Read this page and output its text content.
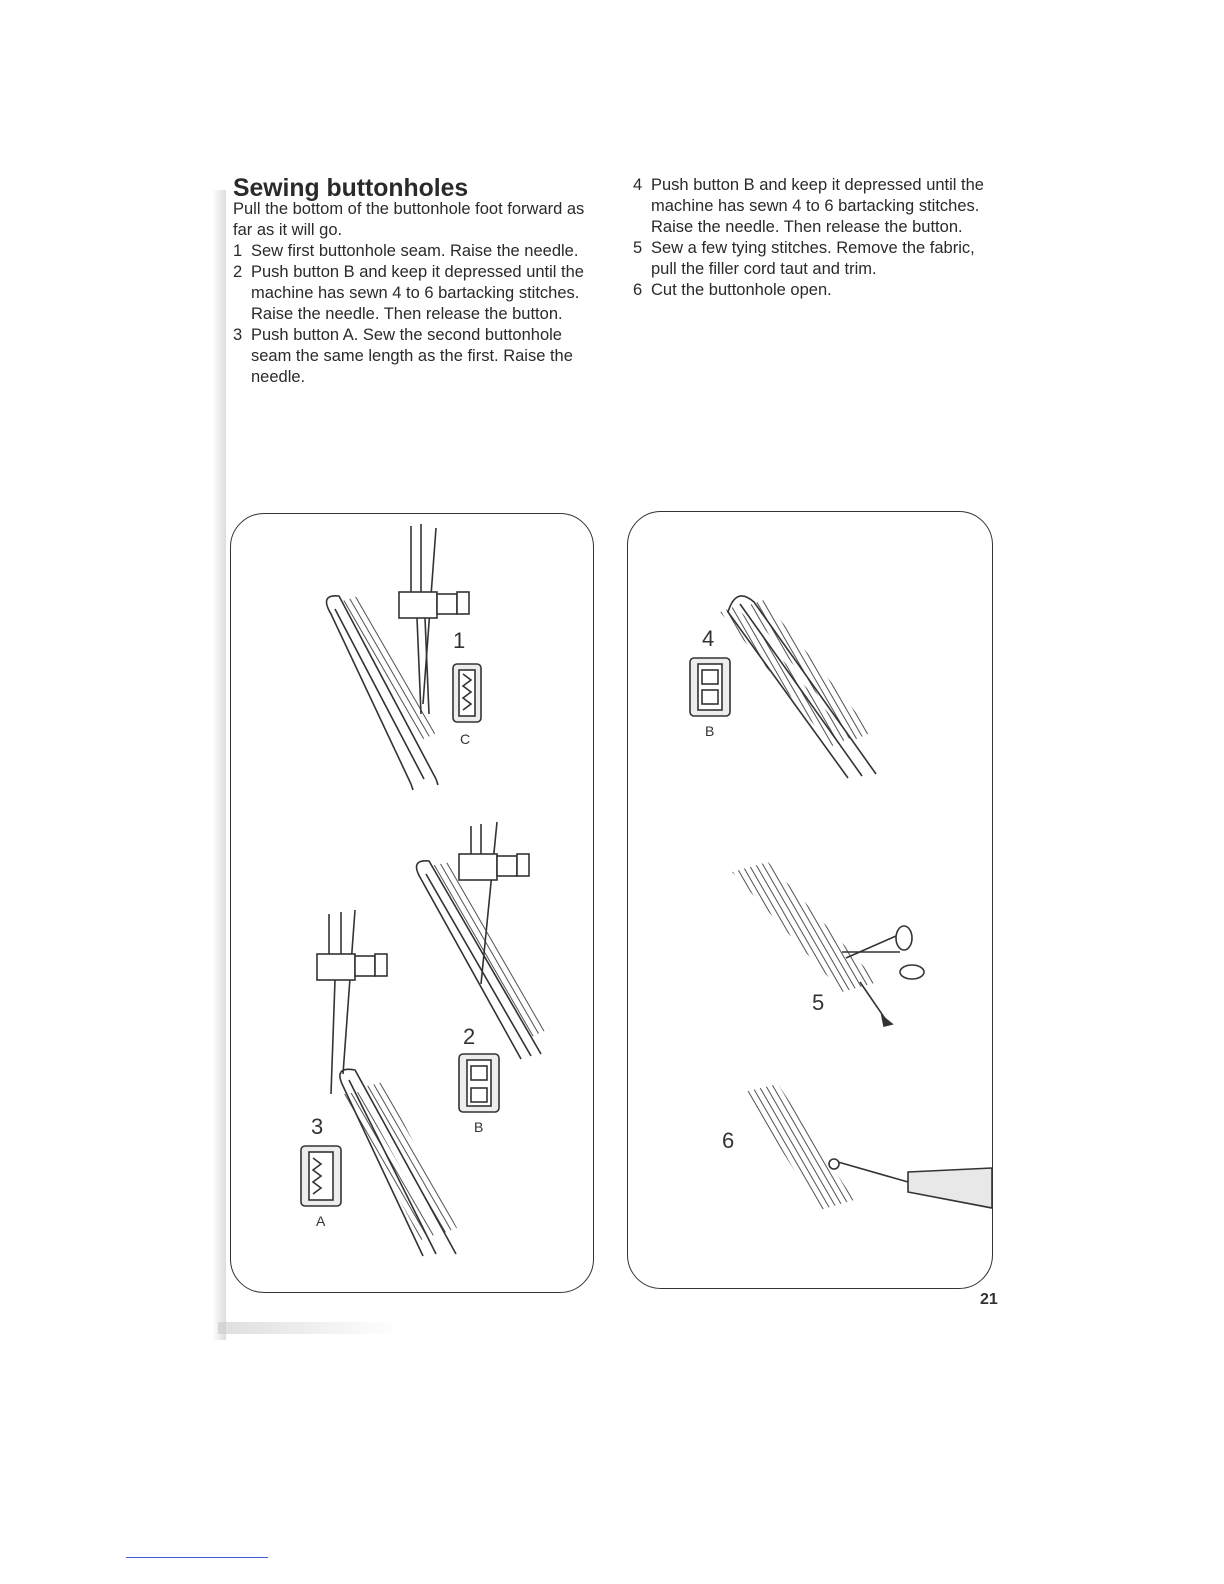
Sewing buttonholes

Pull the bottom of the buttonhole foot forward as far as it will go.

1 Sew first buttonhole seam. Raise the needle.
2 Push button B and keep it depressed until the machine has sewn 4 to 6 bartacking stitches. Raise the needle. Then release the button.
3 Push button A. Sew the second buttonhole seam the same length as the first. Raise the needle.
4 Push button B and keep it depressed until the machine has sewn 4 to 6 bartacking stitches. Raise the needle. Then release the button.
5 Sew a few tying stitches. Remove the fabric, pull the filler cord taut and trim.
6 Cut the buttonhole open.
1
C
2
B
3
A
4
B
5
6
21
